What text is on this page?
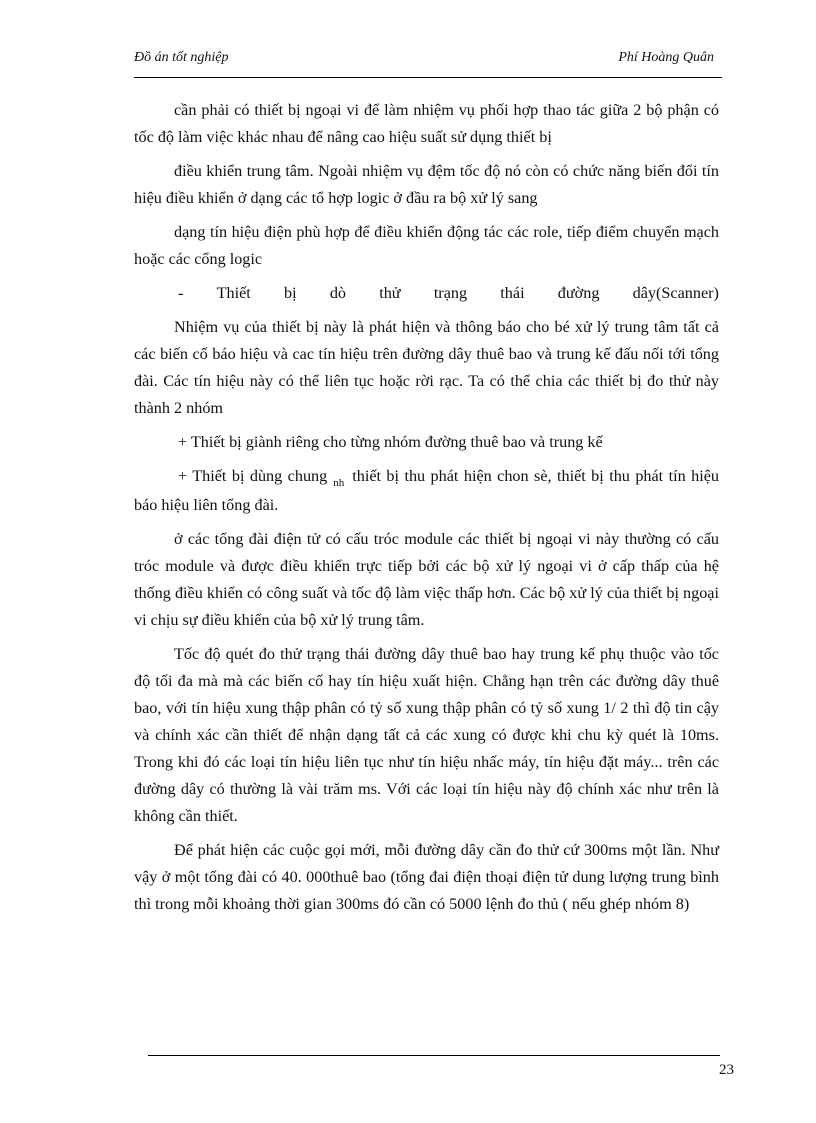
Đồ án tốt nghiệp	Phí Hoàng Quân

cần phải có thiết bị ngoại vi để làm nhiệm vụ phối hợp thao tác giữa 2 bộ phận có tốc độ làm việc khác nhau để nâng cao hiệu suất sử dụng thiết bị

điều khiển trung tâm. Ngoài nhiệm vụ đệm tốc độ nó còn có chức năng biến đổi tín hiệu điều khiển ở dạng các tổ hợp logic ở đầu ra bộ xử lý sang

dạng tín hiệu điện phù hợp để điều khiển động tác các role, tiếp điểm chuyển mạch hoặc các cổng logic

- Thiết bị dò thử trạng thái đường dây(Scanner)

Nhiệm vụ của thiết bị này là phát hiện và thông báo cho bé xử lý trung tâm tất cả các biến cố báo hiệu và cac tín hiệu trên đường dây thuê bao và trung kế đấu nối tới tổng đài. Các tín hiệu này có thể liên tục hoặc rời rạc. Ta có thể chia các thiết bị đo thử này thành 2 nhóm

+ Thiết bị giành riêng cho từng nhóm đường thuê bao và trung kế

+ Thiết bị dùng chung $_{nh}$ thiết bị thu phát hiện chon sè, thiết bị thu phát tín hiệu báo hiệu liên tổng đài.

ở các tổng đài điện tử có cấu tróc module các thiết bị ngoại vi này thường có cấu tróc module và được điều khiển trực tiếp bởi các bộ xử lý ngoại vi ở cấp thấp của hệ thống điều khiển có công suất và tốc độ làm việc thấp hơn. Các bộ xử lý của thiết bị ngoại vi chịu sự điều khiển của bộ xử lý trung tâm.

Tốc độ quét đo thử trạng thái đường dây thuê bao hay trung kế phụ thuộc vào tốc độ tối đa mà mà các biến cố hay tín hiệu xuất hiện. Chẳng hạn trên các đường dây thuê bao, với tín hiệu xung thập phân có tỷ số xung thập phân có tỷ số xung 1/ 2 thì độ tin cậy và chính xác cần thiết để nhận dạng tất cả các xung có được khi chu kỳ quét là 10ms. Trong khi đó các loại tín hiệu liên tục như tín hiệu nhấc máy, tín hiệu đặt máy... trên các đường dây có thường là vài trăm ms. Với các loại tín hiệu này độ chính xác như trên là không cần thiết.

Để phát hiện các cuộc gọi mới, mỗi đường dây cần đo thử cứ 300ms một lần. Như vậy ở một tổng đài có 40. 000thuê bao (tổng đai điện thoại điện tử dung lượng trung bình thì trong mỗi khoảng thời gian 300ms đó cần có 5000 lệnh đo thủ ( nếu ghép nhóm 8)

23
